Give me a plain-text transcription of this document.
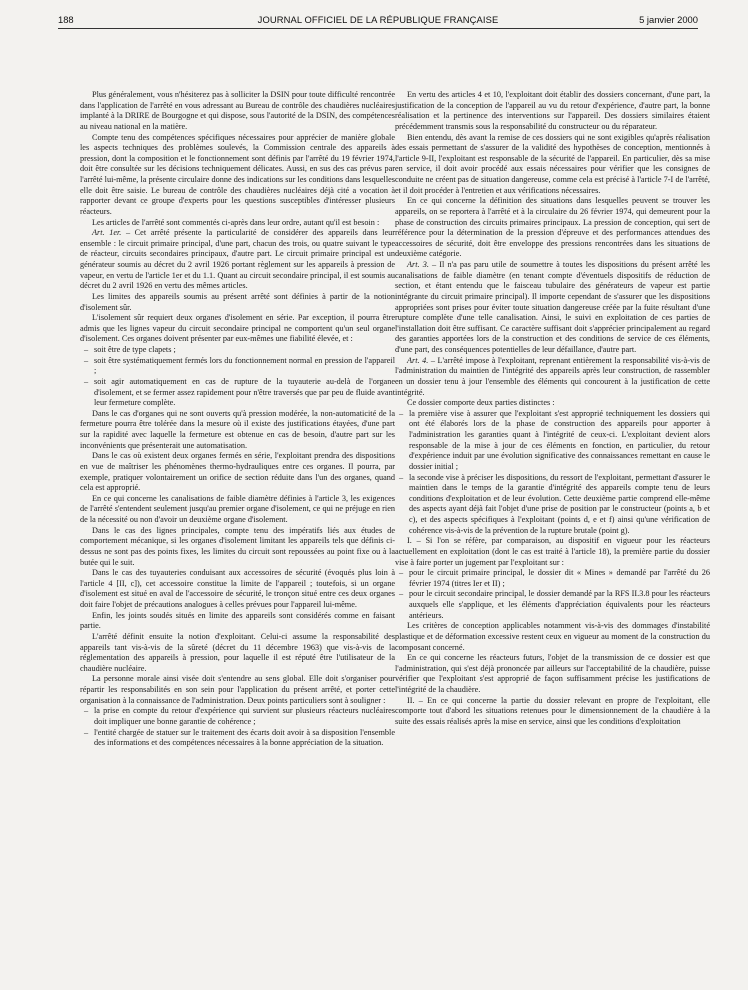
188	JOURNAL OFFICIEL DE LA RÉPUBLIQUE FRANÇAISE	5 janvier 2000

Plus généralement, vous n'hésiterez pas à solliciter la DSIN pour toute difficulté rencontrée dans l'application de l'arrêté en vous adressant au Bureau de contrôle des chaudières nucléaires implanté à la DRIRE de Bourgogne et qui dispose, sous l'autorité de la DSIN, des compétences au niveau national en la matière.

Compte tenu des compétences spécifiques nécessaires pour apprécier de manière globale les aspects techniques des problèmes soulevés, la Commission centrale des appareils à pression, dont la composition et le fonctionnement sont définis par l'arrêté du 19 février 1974, doit être consultée sur les décisions techniquement délicates. Aussi, en sus des cas prévus par l'arrêté lui-même, la présente circulaire donne des indications sur les conditions dans lesquelles elle doit être saisie. Le bureau de contrôle des chaudières nucléaires déjà cité a vocation à rapporter devant ce groupe d'experts pour les questions susceptibles d'intéresser plusieurs réacteurs.

Les articles de l'arrêté sont commentés ci-après dans leur ordre, autant qu'il est besoin :

Art. 1er. – Cet arrêté présente la particularité de considérer des appareils dans leur ensemble : le circuit primaire principal, d'une part, chacun des trois, ou quatre suivant le type de réacteur, circuits secondaires principaux, d'autre part. Le circuit primaire principal est un générateur soumis au décret du 2 avril 1926 portant règlement sur les appareils à pression de vapeur, en vertu de l'article 1er et du 1.1. Quant au circuit secondaire principal, il est soumis au décret du 2 avril 1926 en vertu des mêmes articles.

Les limites des appareils soumis au présent arrêté sont définies à partir de la notion d'isolement sûr.

L'isolement sûr requiert deux organes d'isolement en série. Par exception, il pourra être admis que les lignes vapeur du circuit secondaire principal ne comportent qu'un seul organe d'isolement. Ces organes doivent présenter par eux-mêmes une fiabilité élevée, et :

– soit être de type clapets ;
– soit être systématiquement fermés lors du fonctionnement normal en pression de l'appareil ;
– soit agir automatiquement en cas de rupture de la tuyauterie au-delà de l'organe d'isolement, et se fermer assez rapidement pour n'être traversés que par peu de fluide avant leur fermeture complète.

Dans le cas d'organes qui ne sont ouverts qu'à pression modérée, la non-automaticité de la fermeture pourra être tolérée dans la mesure où il existe des justifications étayées, d'une part sur la rapidité avec laquelle la fermeture est obtenue en cas de besoin, d'autre part sur les inconvénients que présenterait une automatisation.

Dans le cas où existent deux organes fermés en série, l'exploitant prendra des dispositions en vue de maîtriser les phénomènes thermo-hydrauliques entre ces organes. Il pourra, par exemple, pratiquer volontairement un orifice de section réduite dans l'un des organes, quand cela est approprié.

En ce qui concerne les canalisations de faible diamètre définies à l'article 3, les exigences de l'arrêté s'entendent seulement jusqu'au premier organe d'isolement, ce qui ne préjuge en rien de la nécessité ou non d'avoir un deuxième organe d'isolement.

Dans le cas des lignes principales, compte tenu des impératifs liés aux études de comportement mécanique, si les organes d'isolement limitant les appareils tels que définis ci-dessus ne sont pas des points fixes, les limites du circuit sont repoussées au point fixe ou à la butée qui le suit.

Dans le cas des tuyauteries conduisant aux accessoires de sécurité (évoqués plus loin à l'article 4 [II, c]), cet accessoire constitue la limite de l'appareil ; toutefois, si un organe d'isolement est situé en aval de l'accessoire de sécurité, le tronçon situé entre ces deux organes doit faire l'objet de précautions analogues à celles prévues pour l'appareil lui-même.

Enfin, les joints soudés situés en limite des appareils sont considérés comme en faisant partie.

L'arrêté définit ensuite la notion d'exploitant. Celui-ci assume la responsabilité des appareils tant vis-à-vis de la sûreté (décret du 11 décembre 1963) que vis-à-vis de la réglementation des appareils à pression, pour laquelle il est réputé être l'utilisateur de la chaudière nucléaire.

La personne morale ainsi visée doit s'entendre au sens global. Elle doit s'organiser pour répartir les responsabilités en son sein pour l'application du présent arrêté, et porter cette organisation à la connaissance de l'administration. Deux points particuliers sont à souligner :

– la prise en compte du retour d'expérience qui survient sur plusieurs réacteurs nucléaires doit impliquer une bonne garantie de cohérence ;
– l'entité chargée de statuer sur le traitement des écarts doit avoir à sa disposition l'ensemble des informations et des compétences nécessaires à la bonne appréciation de la situation.

En vertu des articles 4 et 10, l'exploitant doit établir des dossiers concernant, d'une part, la justification de la conception de l'appareil au vu du retour d'expérience, d'autre part, la bonne réalisation et la pertinence des interventions sur l'appareil. Des dossiers similaires étaient précédemment transmis sous la responsabilité du constructeur ou du réparateur.

Bien entendu, dès avant la remise de ces dossiers qui ne sont exigibles qu'après réalisation des essais permettant de s'assurer de la validité des hypothèses de conception, mentionnés à l'article 9-II, l'exploitant est responsable de la sécurité de l'appareil. En particulier, dès sa mise en service, il doit avoir procédé aux essais nécessaires pour vérifier que les consignes de conduite ne créent pas de situation dangereuse, comme cela est précisé à l'article 7-I de l'arrêté, et il doit procéder à l'entretien et aux vérifications nécessaires.

En ce qui concerne la définition des situations dans lesquelles peuvent se trouver les appareils, on se reportera à l'arrêté et à la circulaire du 26 février 1974, qui demeurent pour la phase de construction des circuits primaires principaux. La pression de conception, qui sert de référence pour la détermination de la pression d'épreuve et des performances attendues des accessoires de sécurité, doit être enveloppe des pressions rencontrées dans les situations de deuxième catégorie.

Art. 3. – Il n'a pas paru utile de soumettre à toutes les dispositions du présent arrêté les canalisations de faible diamètre (en tenant compte d'éventuels dispositifs de réduction de section, et étant entendu que le faisceau tubulaire des générateurs de vapeur est partie intégrante du circuit primaire principal). Il importe cependant de s'assurer que les dispositions appropriées sont prises pour éviter toute situation dangereuse créée par la fuite résultant d'une rupture complète d'une telle canalisation. Ainsi, le suivi en exploitation de ces parties de l'installation doit être suffisant. Ce caractère suffisant doit s'apprécier principalement au regard des garanties apportées lors de la construction et des conditions de service de ces éléments, d'une part, des conséquences potentielles de leur défaillance, d'autre part.

Art. 4. – L'arrêté impose à l'exploitant, reprenant entièrement la responsabilité vis-à-vis de l'administration du maintien de l'intégrité des appareils après leur construction, de rassembler en un dossier tenu à jour l'ensemble des éléments qui concourent à la justification de cette intégrité.

Ce dossier comporte deux parties distinctes :

– la première vise à assurer que l'exploitant s'est approprié techniquement les dossiers qui ont été élaborés lors de la phase de construction des appareils pour apporter à l'administration les garanties quant à l'intégrité de ceux-ci. L'exploitant devient alors responsable de la mise à jour de ces éléments en fonction, en particulier, du retour d'expérience induit par une évolution significative des connaissances remettant en cause le dossier initial ;
– la seconde vise à préciser les dispositions, du ressort de l'exploitant, permettant d'assurer le maintien dans le temps de la garantie d'intégrité des appareils compte tenu de leurs conditions d'exploitation et de leur évolution. Cette deuxième partie comprend elle-même des aspects ayant déjà fait l'objet d'une prise de position par le constructeur (points a, b et c), et des aspects spécifiques à l'exploitant (points d, e et f) ainsi qu'une vérification de cohérence vis-à-vis de la prévention de la rupture brutale (point g).

I. – Si l'on se réfère, par comparaison, au dispositif en vigueur pour les réacteurs actuellement en exploitation (dont le cas est traité à l'article 18), la première partie du dossier vise à faire porter un jugement par l'exploitant sur :

– pour le circuit primaire principal, le dossier dit « Mines » demandé par l'arrêté du 26 février 1974 (titres Ier et II) ;
– pour le circuit secondaire principal, le dossier demandé par la RFS II.3.8 pour les réacteurs auxquels elle s'applique, et les éléments d'appréciation équivalents pour les réacteurs antérieurs.

Les critères de conception applicables notamment vis-à-vis des dommages d'instabilité plastique et de déformation excessive restent ceux en vigueur au moment de la construction du composant concerné.

En ce qui concerne les réacteurs futurs, l'objet de la transmission de ce dossier est que l'administration, qui s'est déjà prononcée par ailleurs sur l'acceptabilité de la chaudière, puisse vérifier que l'exploitant s'est approprié de façon suffisamment précise les justifications de l'intégrité de la chaudière.

II. – En ce qui concerne la partie du dossier relevant en propre de l'exploitant, elle comporte tout d'abord les situations retenues pour le dimensionnement de la chaudière à la suite des essais réalisés après la mise en service, ainsi que les conditions d'exploitation
